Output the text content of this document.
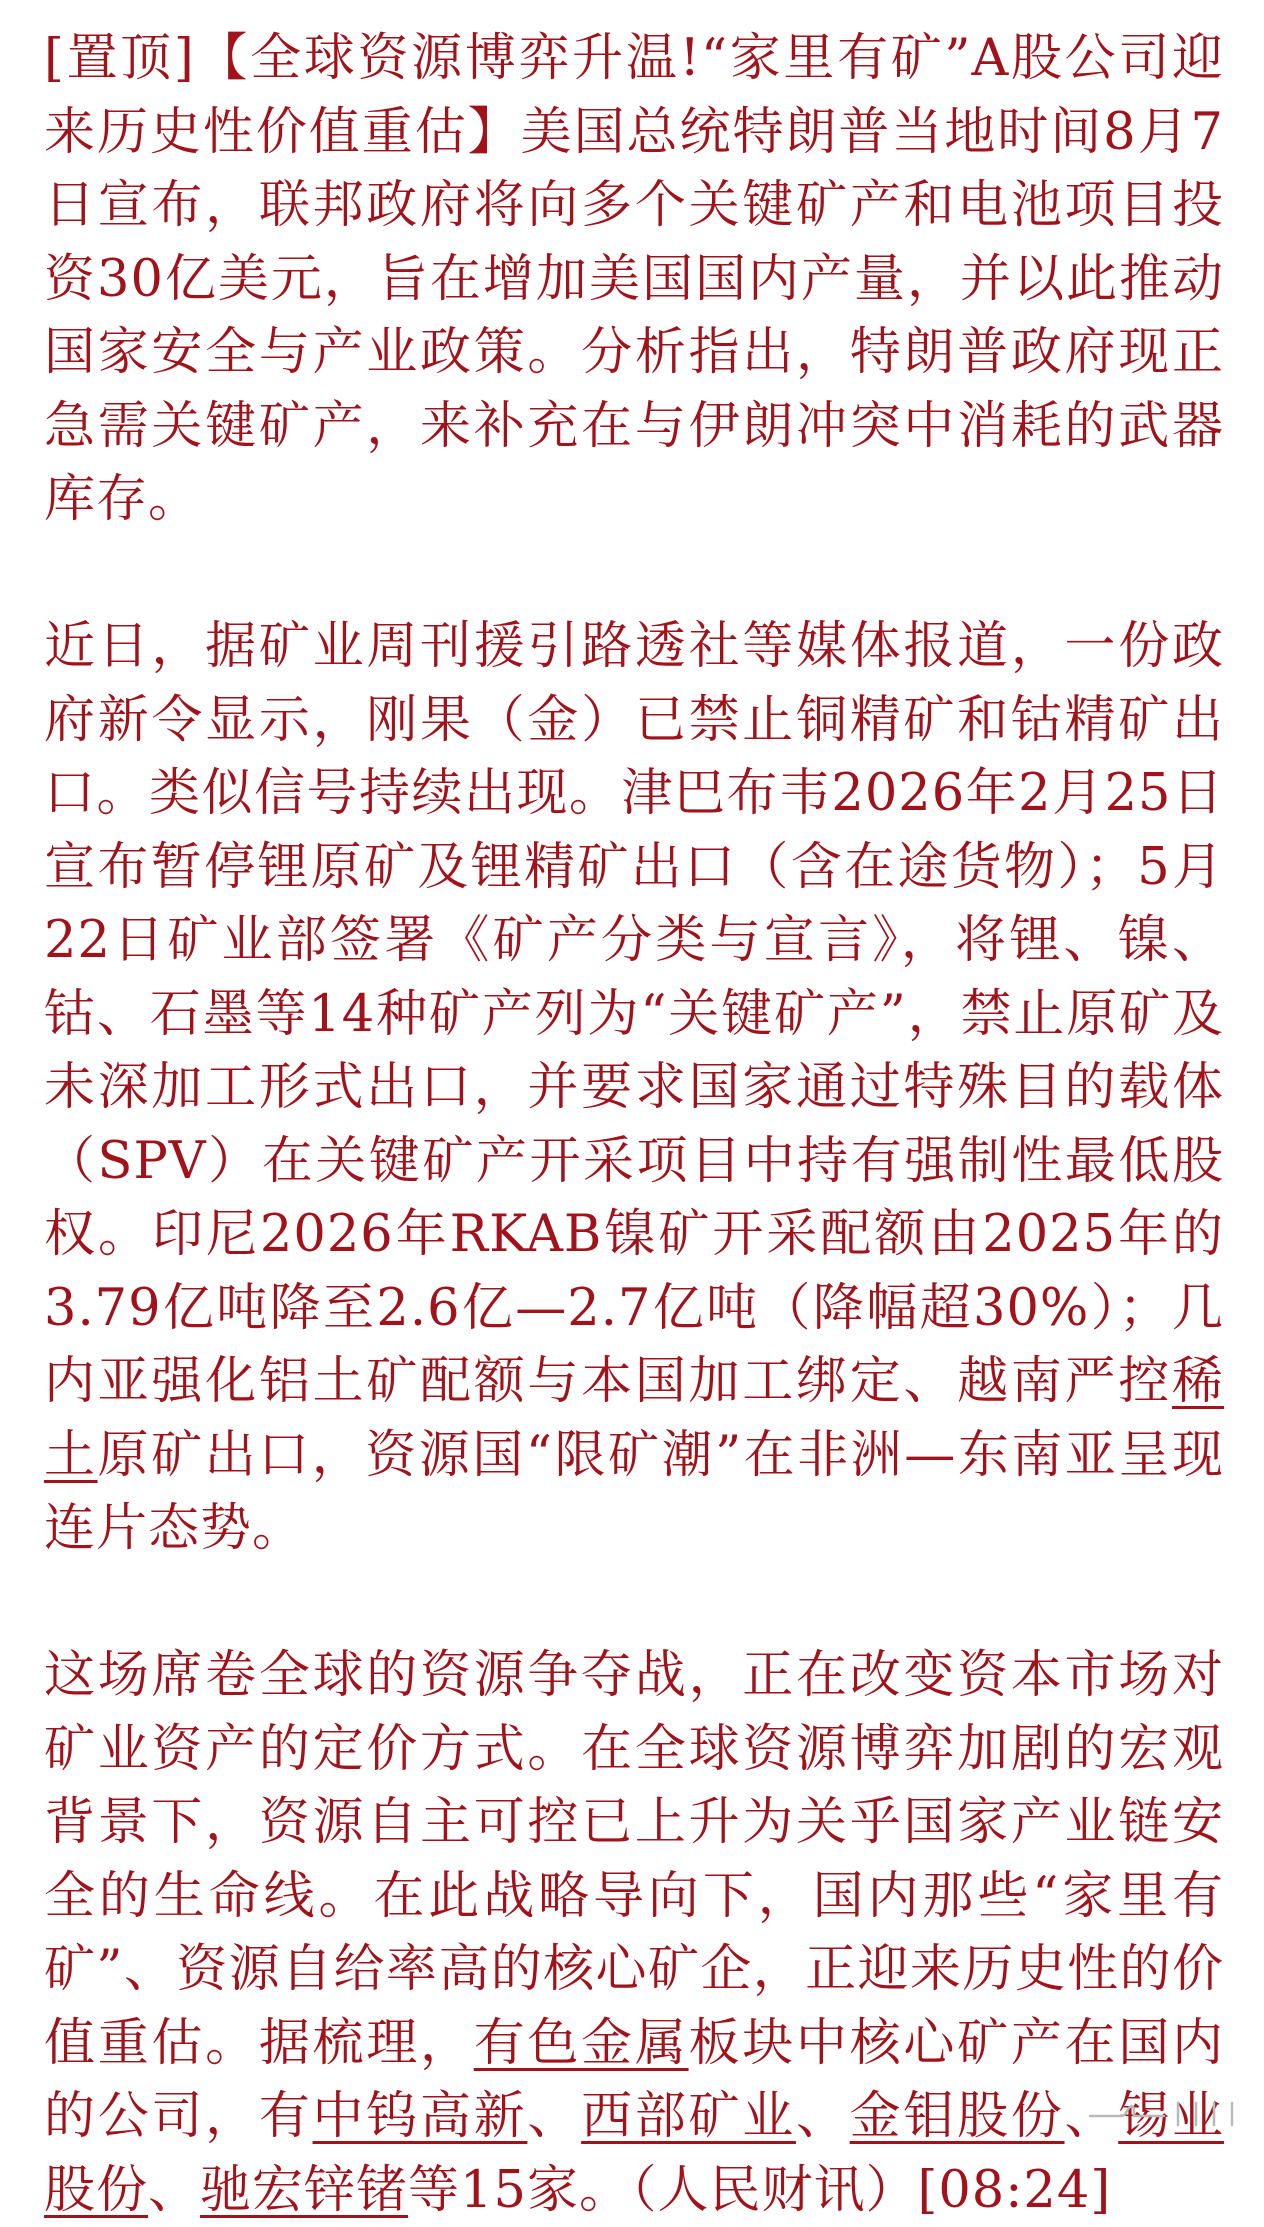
[置顶]【全球资源博弈升温!“家里有矿”A股公司迎来历史性价值重估】美国总统特朗普当地时间8月7日宣布，联邦政府将向多个关键矿产和电池项目投资30亿美元，旨在增加美国国内产量，并以此推动国家安全与产业政策。分析指出，特朗普政府现正急需关键矿产，来补充在与伊朗冲突中消耗的武器库存。

近日，据矿业周刊援引路透社等媒体报道，一份政府新令显示，刚果（金）已禁止铜精矿和钴精矿出口。类似信号持续出现。津巴布韦2026年2月25日宣布暂停锂原矿及锂精矿出口（含在途货物）；5月22日矿业部签署《矿产分类与宣言》，将锂、镍、钴、石墨等14种矿产列为“关键矿产”，禁止原矿及未深加工形式出口，并要求国家通过特殊目的载体（SPV）在关键矿产开采项目中持有强制性最低股权。印尼2026年RKAB镍矿开采配额由2025年的3.79亿吨降至2.6亿—2.7亿吨（降幅超30%）；几内亚强化铝土矿配额与本国加工绑定、越南严控稀土原矿出口，资源国“限矿潮”在非洲—东南亚呈现连片态势。

这场席卷全球的资源争夺战，正在改变资本市场对矿业资产的定价方式。在全球资源博弈加剧的宏观背景下，资源自主可控已上升为关乎国家产业链安全的生命线。在此战略导向下，国内那些“家里有矿”、资源自给率高的核心矿企，正迎来历史性的价值重估。据梳理，有色金属板块中核心矿产在国内的公司，有中钨高新、西部矿业、金钼股份、锡业股份、驰宏锌锗等15家。（人民财讯）[08:24]
